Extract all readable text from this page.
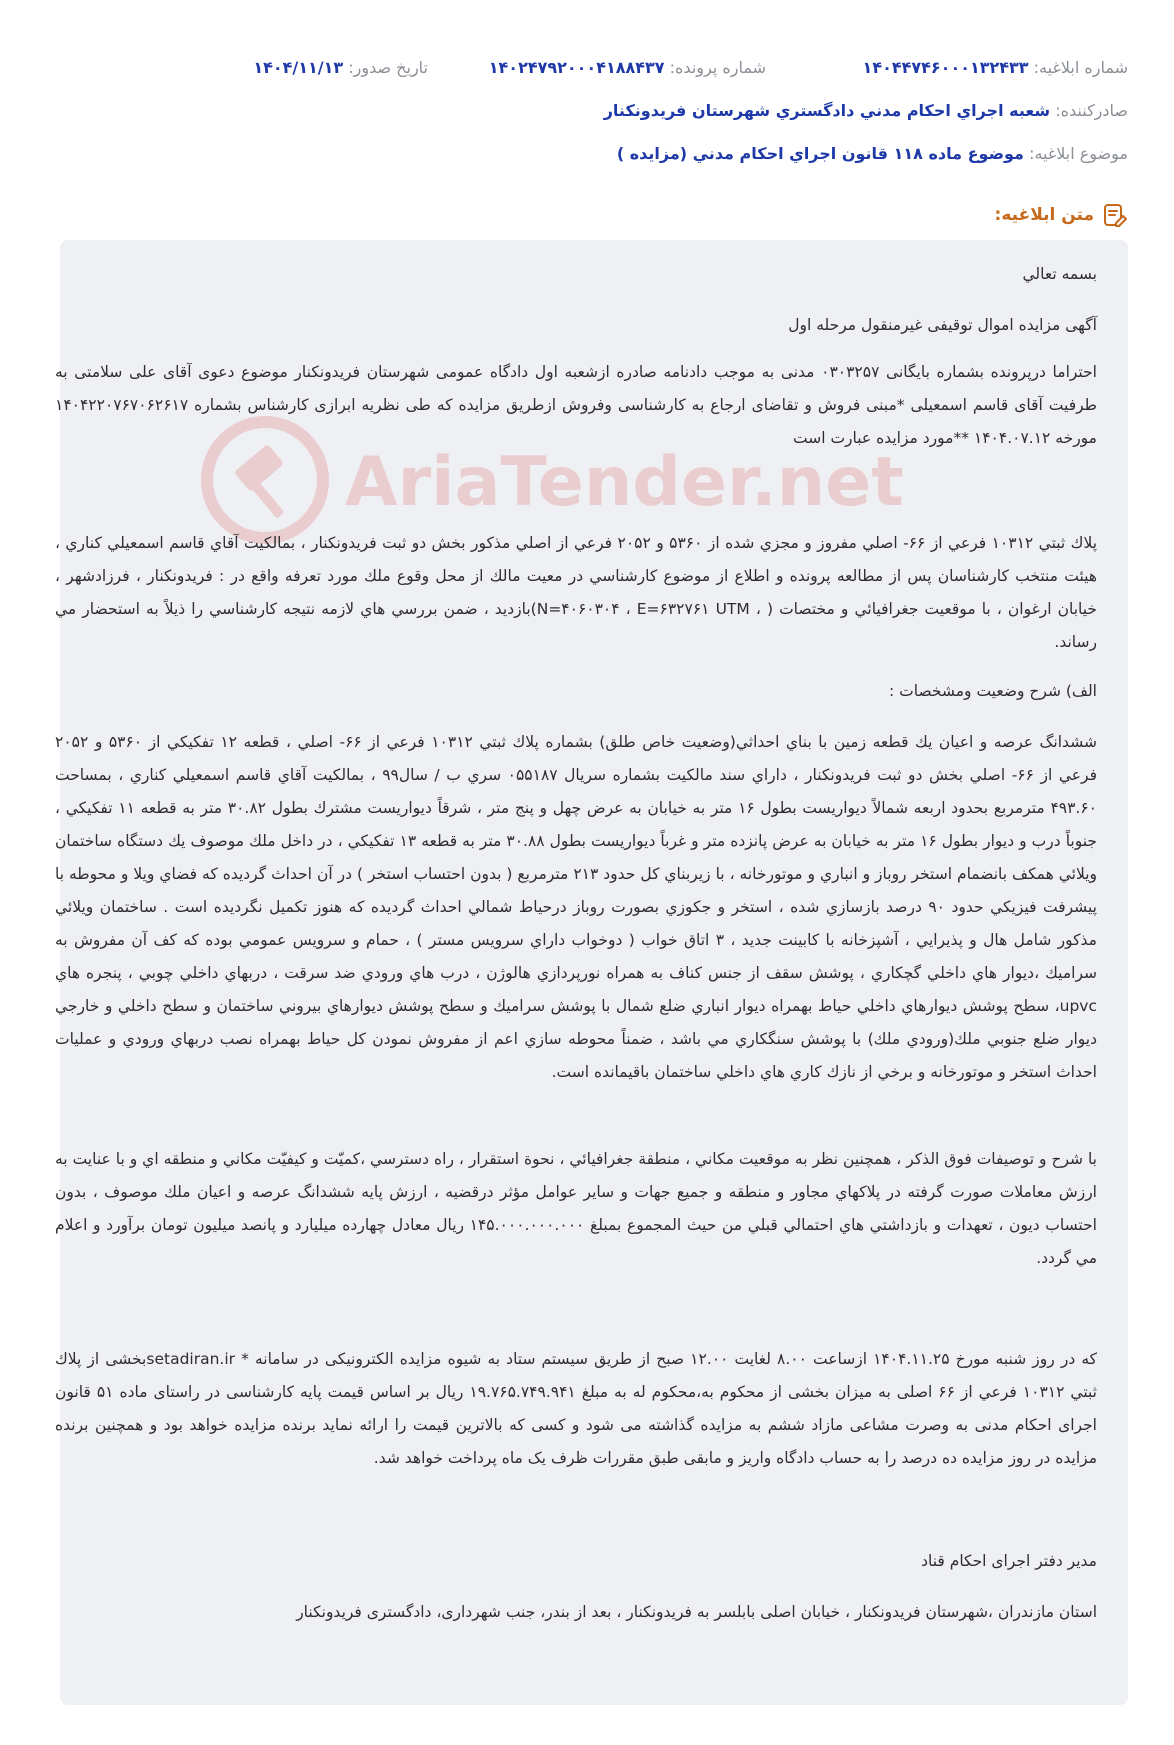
شماره ابلاغیه: ۱۴۰۴۴۷۴۶۰۰۰۱۳۲۴۳۳
شماره پرونده: ۱۴۰۲۴۷۹۲۰۰۰۴۱۸۸۴۳۷
تاریخ صدور: ۱۴۰۴/۱۱/۱۳
صادرکننده: شعبه اجراي احكام مدني دادگستري شهرستان فريدونكنار
موضوع ابلاغیه: موضوع ماده ۱۱۸ قانون اجراي احكام مدني (مزايده )
متن ابلاغیه:
AriaTender.net
بسمه تعالي
آگهی مزایده اموال توقیفی غیرمنقول مرحله اول
احتراما درپرونده بشماره بایگانی ۰۳۰۳۲۵۷ مدنی به موجب دادنامه صادره ازشعبه اول دادگاه عمومی شهرستان فریدونکنار موضوع دعوی آقای علی سلامتی به طرفیت آقای قاسم اسمعیلی *مبنی فروش و تقاضای ارجاع به کارشناسی وفروش ازطریق مزایده که طی نظریه ابرازی کارشناس بشماره ۱۴۰۴۲۲۰۷۶۷۰۶۲۶۱۷ مورخه ۱۴۰۴.۰۷.۱۲ **مورد مزایده عبارت است
پلاك ثبتي ۱۰۳۱۲ فرعي از ۶۶- اصلي مفروز و مجزي شده از ۵۳۶۰ و ۲۰۵۲ فرعي از اصلي مذكور بخش دو ثبت فريدونكنار ، بمالكيت آقاي قاسم اسمعيلي كناري ، هيئت منتخب كارشناسان پس از مطالعه پرونده و اطلاع از موضوع كارشناسي در معيت مالك از محل وقوع ملك مورد تعرفه واقع در : فريدونكنار ، فرزادشهر ، خيابان ارغوان ، با موقعيت جغرافيائي و مختصات ( ، N=۴۰۶۰۳۰۴ ، E=۶۳۲۷۶۱ UTM)بازديد ، ضمن بررسي هاي لازمه نتيجه كارشناسي را ذيلاً به استحضار مي رساند.
الف) شرح وضعيت ومشخصات :
ششدانگ عرصه و اعيان يك قطعه زمين با بناي احداثي(وضعيت خاص طلق) بشماره پلاك ثبتي ۱۰۳۱۲ فرعي از ۶۶- اصلي ، قطعه ۱۲ تفكيكي از ۵۳۶۰ و ۲۰۵۲ فرعي از ۶۶- اصلي بخش دو ثبت فريدونكنار ، داراي سند مالكيت بشماره سريال ۰۵۵۱۸۷ سري ب / سال۹۹ ، بمالكيت آقاي قاسم اسمعيلي كناري ، بمساحت ۴۹۳.۶۰ مترمربع بحدود اربعه شمالاً ديواريست بطول ۱۶ متر به خيابان به عرض چهل و پنج متر ، شرقاً ديواريست مشترك بطول ۳۰.۸۲ متر به قطعه ۱۱ تفكيكي ، جنوباً درب و ديوار بطول ۱۶ متر به خيابان به عرض پانزده متر و غرباً ديواريست بطول ۳۰.۸۸ متر به قطعه ۱۳ تفكيكي ، در داخل ملك موصوف يك دستگاه ساختمان ويلائي همكف بانضمام استخر روباز و انباري و موتورخانه ، با زيربناي كل حدود ۲۱۳ مترمربع ( بدون احتساب استخر ) در آن احداث گرديده كه فضاي ويلا و محوطه با پيشرفت فيزيكي حدود ۹۰ درصد بازسازي شده ، استخر و جكوزي بصورت روباز درحياط شمالي احداث گرديده كه هنوز تكميل نگرديده است . ساختمان ويلائي مذكور شامل هال و پذيرايي ، آشپزخانه با كابينت جديد ، ۳ اتاق خواب ( دوخواب داراي سرويس مستر ) ، حمام و سرويس عمومي بوده كه كف آن مفروش به سراميك ،ديوار هاي داخلي گچكاري ، پوشش سقف از جنس كناف به همراه نورپردازي هالوژن ، درب هاي ورودي ضد سرقت ، دربهاي داخلي چوبي ، پنجره هاي upvc، سطح پوشش ديوارهاي داخلي حياط بهمراه ديوار انباري ضلع شمال با پوشش سراميك و سطح پوشش ديوارهاي بيروني ساختمان و سطح داخلي و خارجي ديوار ضلع جنوبي ملك(ورودي ملك) با پوشش سنگكاري مي باشد ، ضمناً محوطه سازي اعم از مفروش نمودن كل حياط بهمراه نصب دربهاي ورودي و عمليات احداث استخر و موتورخانه و برخي از نازك كاري هاي داخلي ساختمان باقيمانده است.
با شرح و توصيفات فوق الذكر ، همچنين نظر به موقعيت مكاني ، منطقة جغرافيائي ، نحوة استقرار ، راه دسترسي ،كميّت و كيفيّت مكاني و منطقه اي و با عنايت به ارزش معاملات صورت گرفته در پلاكهاي مجاور و منطقه و جميع جهات و ساير عوامل مؤثر درقضيه ، ارزش پايه ششدانگ عرصه و اعيان ملك موصوف ، بدون احتساب ديون ، تعهدات و بازداشتي هاي احتمالي قبلي من حيث المجموع بمبلغ ۱۴۵.۰۰۰.۰۰۰.۰۰۰ ريال معادل چهارده ميليارد و پانصد ميليون تومان برآورد و اعلام مي گردد.
كه در روز شنبه مورخ ۱۴۰۴.۱۱.۲۵ ازساعت ۸.۰۰ لغایت ۱۲.۰۰ صبح از طریق سیستم ستاد به شیوه مزایده الکترونیکی در سامانه * setadiran.irبخشی از پلاك ثبتي ۱۰۳۱۲ فرعي از ۶۶ اصلی به میزان بخشی از محکوم به،محکوم له به مبلغ ۱۹.۷۶۵.۷۴۹.۹۴۱ ریال بر اساس قیمت پایه کارشناسی در راستای ماده ۵۱ قانون اجرای احکام مدنی به وصرت مشاعی مازاد ششم به مزایده گذاشته می شود و کسی که بالاترین قیمت را ارائه نماید برنده مزایده خواهد بود و همچنین برنده مزایده در روز مزایده ده درصد را به حساب دادگاه واریز و مابقی طبق مقررات ظرف یک ماه پرداخت خواهد شد.
مدير دفتر اجرای احکام قناد
استان مازندران ،شهرستان فریدونکنار ، خیابان اصلی بابلسر به فریدونکنار ، بعد از بندر، جنب شهرداری، دادگستری فریدونکنار
